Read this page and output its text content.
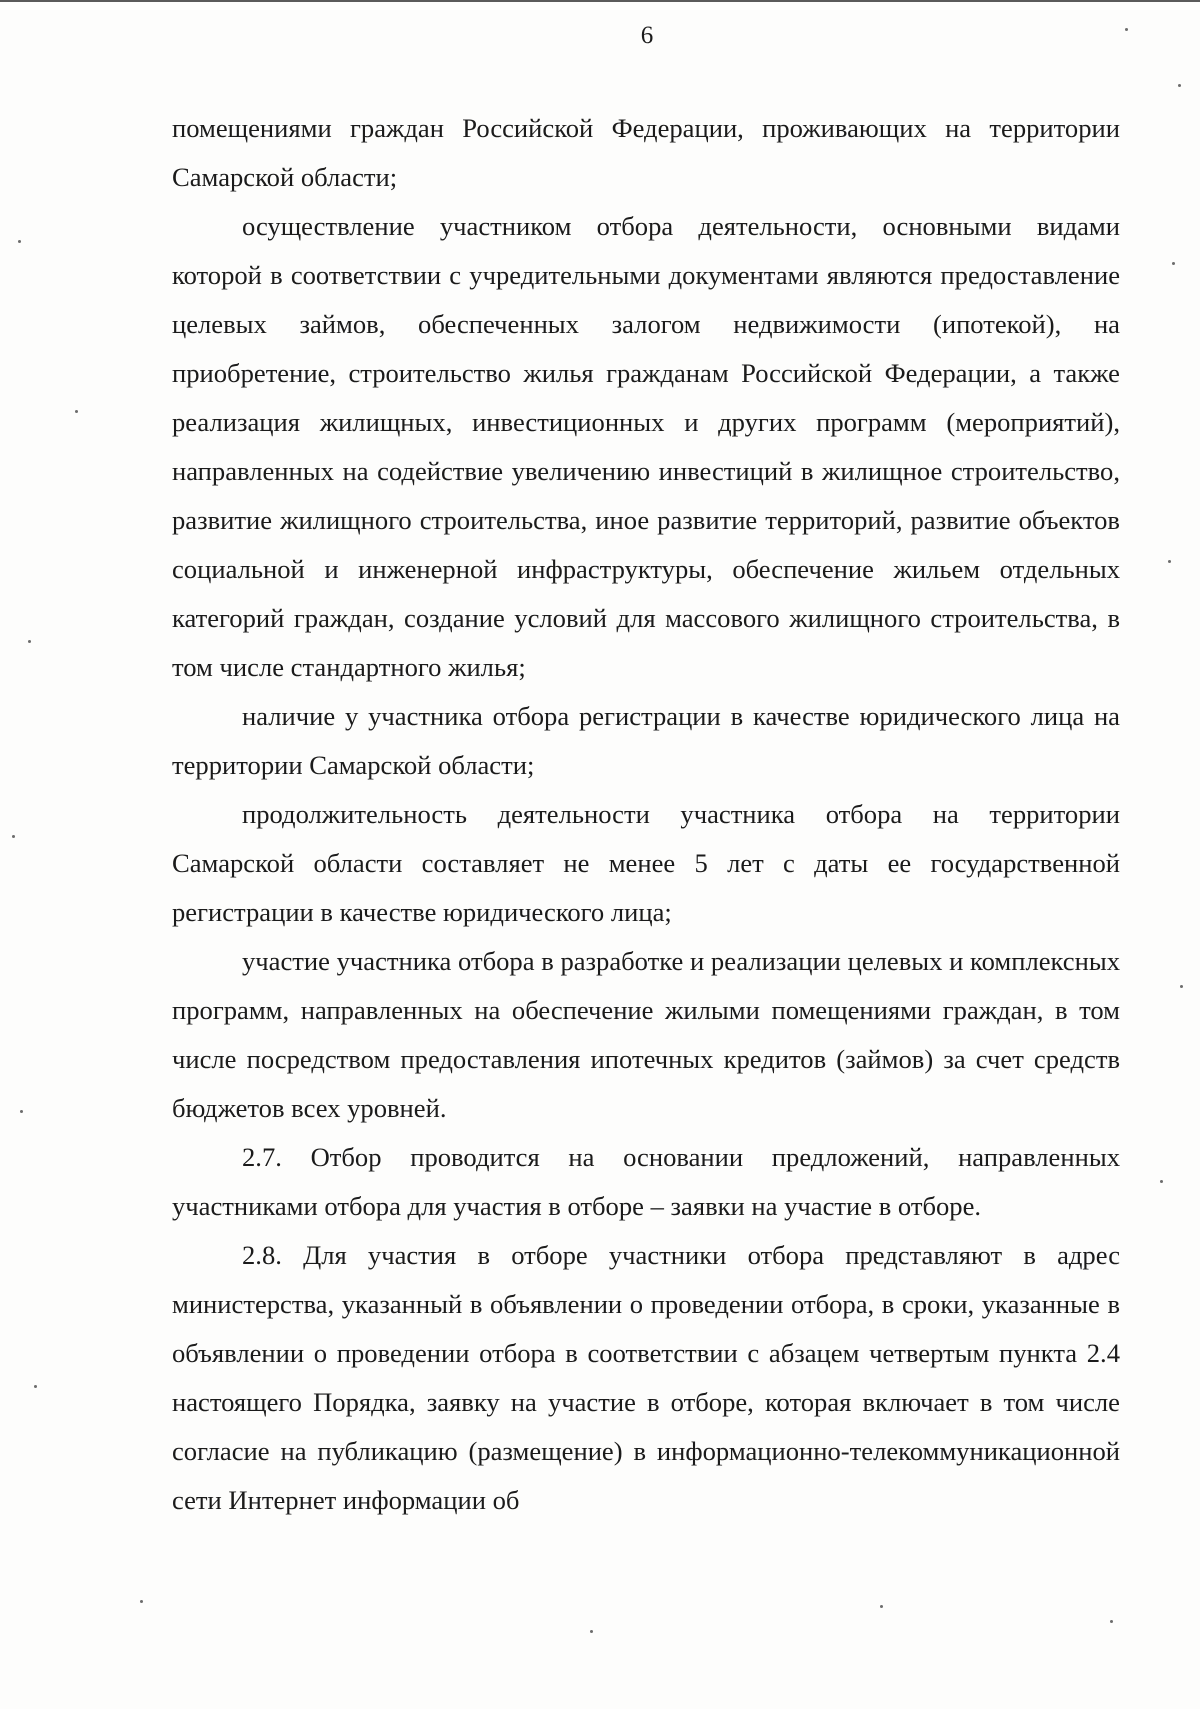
6

помещениями граждан Российской Федерации, проживающих на территории Самарской области;

осуществление участником отбора деятельности, основными видами которой в соответствии с учредительными документами являются предоставление целевых займов, обеспеченных залогом недвижимости (ипотекой), на приобретение, строительство жилья гражданам Российской Федерации, а также реализация жилищных, инвестиционных и других программ (мероприятий), направленных на содействие увеличению инвестиций в жилищное строительство, развитие жилищного строительства, иное развитие территорий, развитие объектов социальной и инженерной инфраструктуры, обеспечение жильем отдельных категорий граждан, создание условий для массового жилищного строительства, в том числе стандартного жилья;

наличие у участника отбора регистрации в качестве юридического лица на территории Самарской области;

продолжительность деятельности участника отбора на территории Самарской области составляет не менее 5 лет с даты ее государственной регистрации в качестве юридического лица;

участие участника отбора в разработке и реализации целевых и комплексных программ, направленных на обеспечение жилыми помещениями граждан, в том числе посредством предоставления ипотечных кредитов (займов) за счет средств бюджетов всех уровней.

2.7. Отбор проводится на основании предложений, направленных участниками отбора для участия в отборе – заявки на участие в отборе.

2.8. Для участия в отборе участники отбора представляют в адрес министерства, указанный в объявлении о проведении отбора, в сроки, указанные в объявлении о проведении отбора в соответствии с абзацем четвертым пункта 2.4 настоящего Порядка, заявку на участие в отборе, которая включает в том числе согласие на публикацию (размещение) в информационно-телекоммуникационной сети Интернет информации об
